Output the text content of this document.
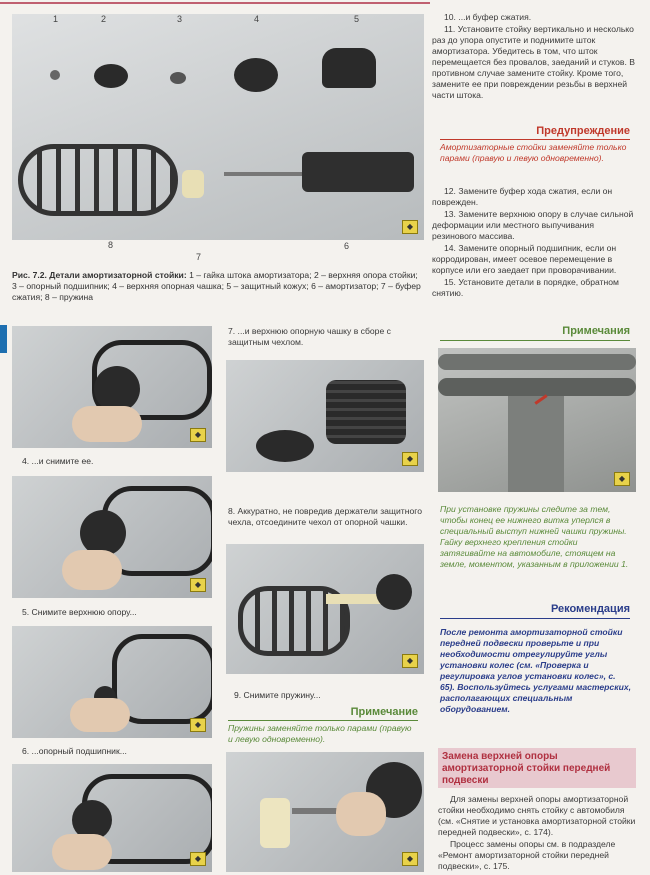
◆
1	2	3	4	5
6
7
8
Рис. 7.2. Детали амортизаторной стойки: 1 – гайка штока амортизатора; 2 – верхняя опора стойки; 3 – опорный подшипник; 4 – верхняя опорная чашка; 5 – защитный кожух; 6 – амортизатор; 7 – буфер сжатия; 8 – пружина

10. ...и буфер сжатия.

11. Установите стойку вертикально и несколько раз до упора опустите и поднимите шток амортизатора. Убедитесь в том, что шток перемещается без провалов, заеданий и стуков. В противном случае замените стойку. Кроме того, замените ее при повреждении резьбы в верхней части штока.

Предупреждение
Амортизаторные стойки заменяйте только парами (правую и левую одновременно).

12. Замените буфер хода сжатия, если он поврежден.

13. Замените верхнюю опору в случае сильной деформации или местного выпучивания резинового массива.

14. Замените опорный подшипник, если он корродирован, имеет осевое перемещение в корпусе или его заедает при проворачивании.

15. Установите детали в порядке, обратном снятию.

◆
4. ...и снимите ее.
◆
5. Снимите верхнюю опору...
◆
6. ...опорный подшипник...
◆
7. ...и верхнюю опорную чашку в сборе с защитным чехлом.
◆
8. Аккуратно, не повредив держатели защитного чехла, отсоедините чехол от опорной чашки.
◆
9. Снимите пружину...
Примечание
Пружины заменяйте только парами (правую и левую одновременно).
◆
Примечания
◆
При установке пружины следите за тем, чтобы конец ее нижнего витка уперлся в специальный выступ нижней чашки пружины. Гайку верхнего крепления стойки затягивайте на автомобиле, стоящем на земле, моментом, указанным в приложении 1.
Рекомендация
После ремонта амортизаторной стойки передней подвески проверьте и при необходимости отрегулируйте углы установки колес (см. «Проверка и регулировка углов установки колес», с. 65). Воспользуйтесь услугами мастерских, располагающих специальным оборудованием.
Замена верхней опоры амортизаторной стойки передней подвески

Для замены верхней опоры амортизаторной стойки необходимо снять стойку с автомобиля (см. «Снятие и установка амортизаторной стойки передней подвески», с. 174).

Процесс замены опоры см. в подразделе «Ремонт амортизаторной стойки передней подвески», с. 175.
